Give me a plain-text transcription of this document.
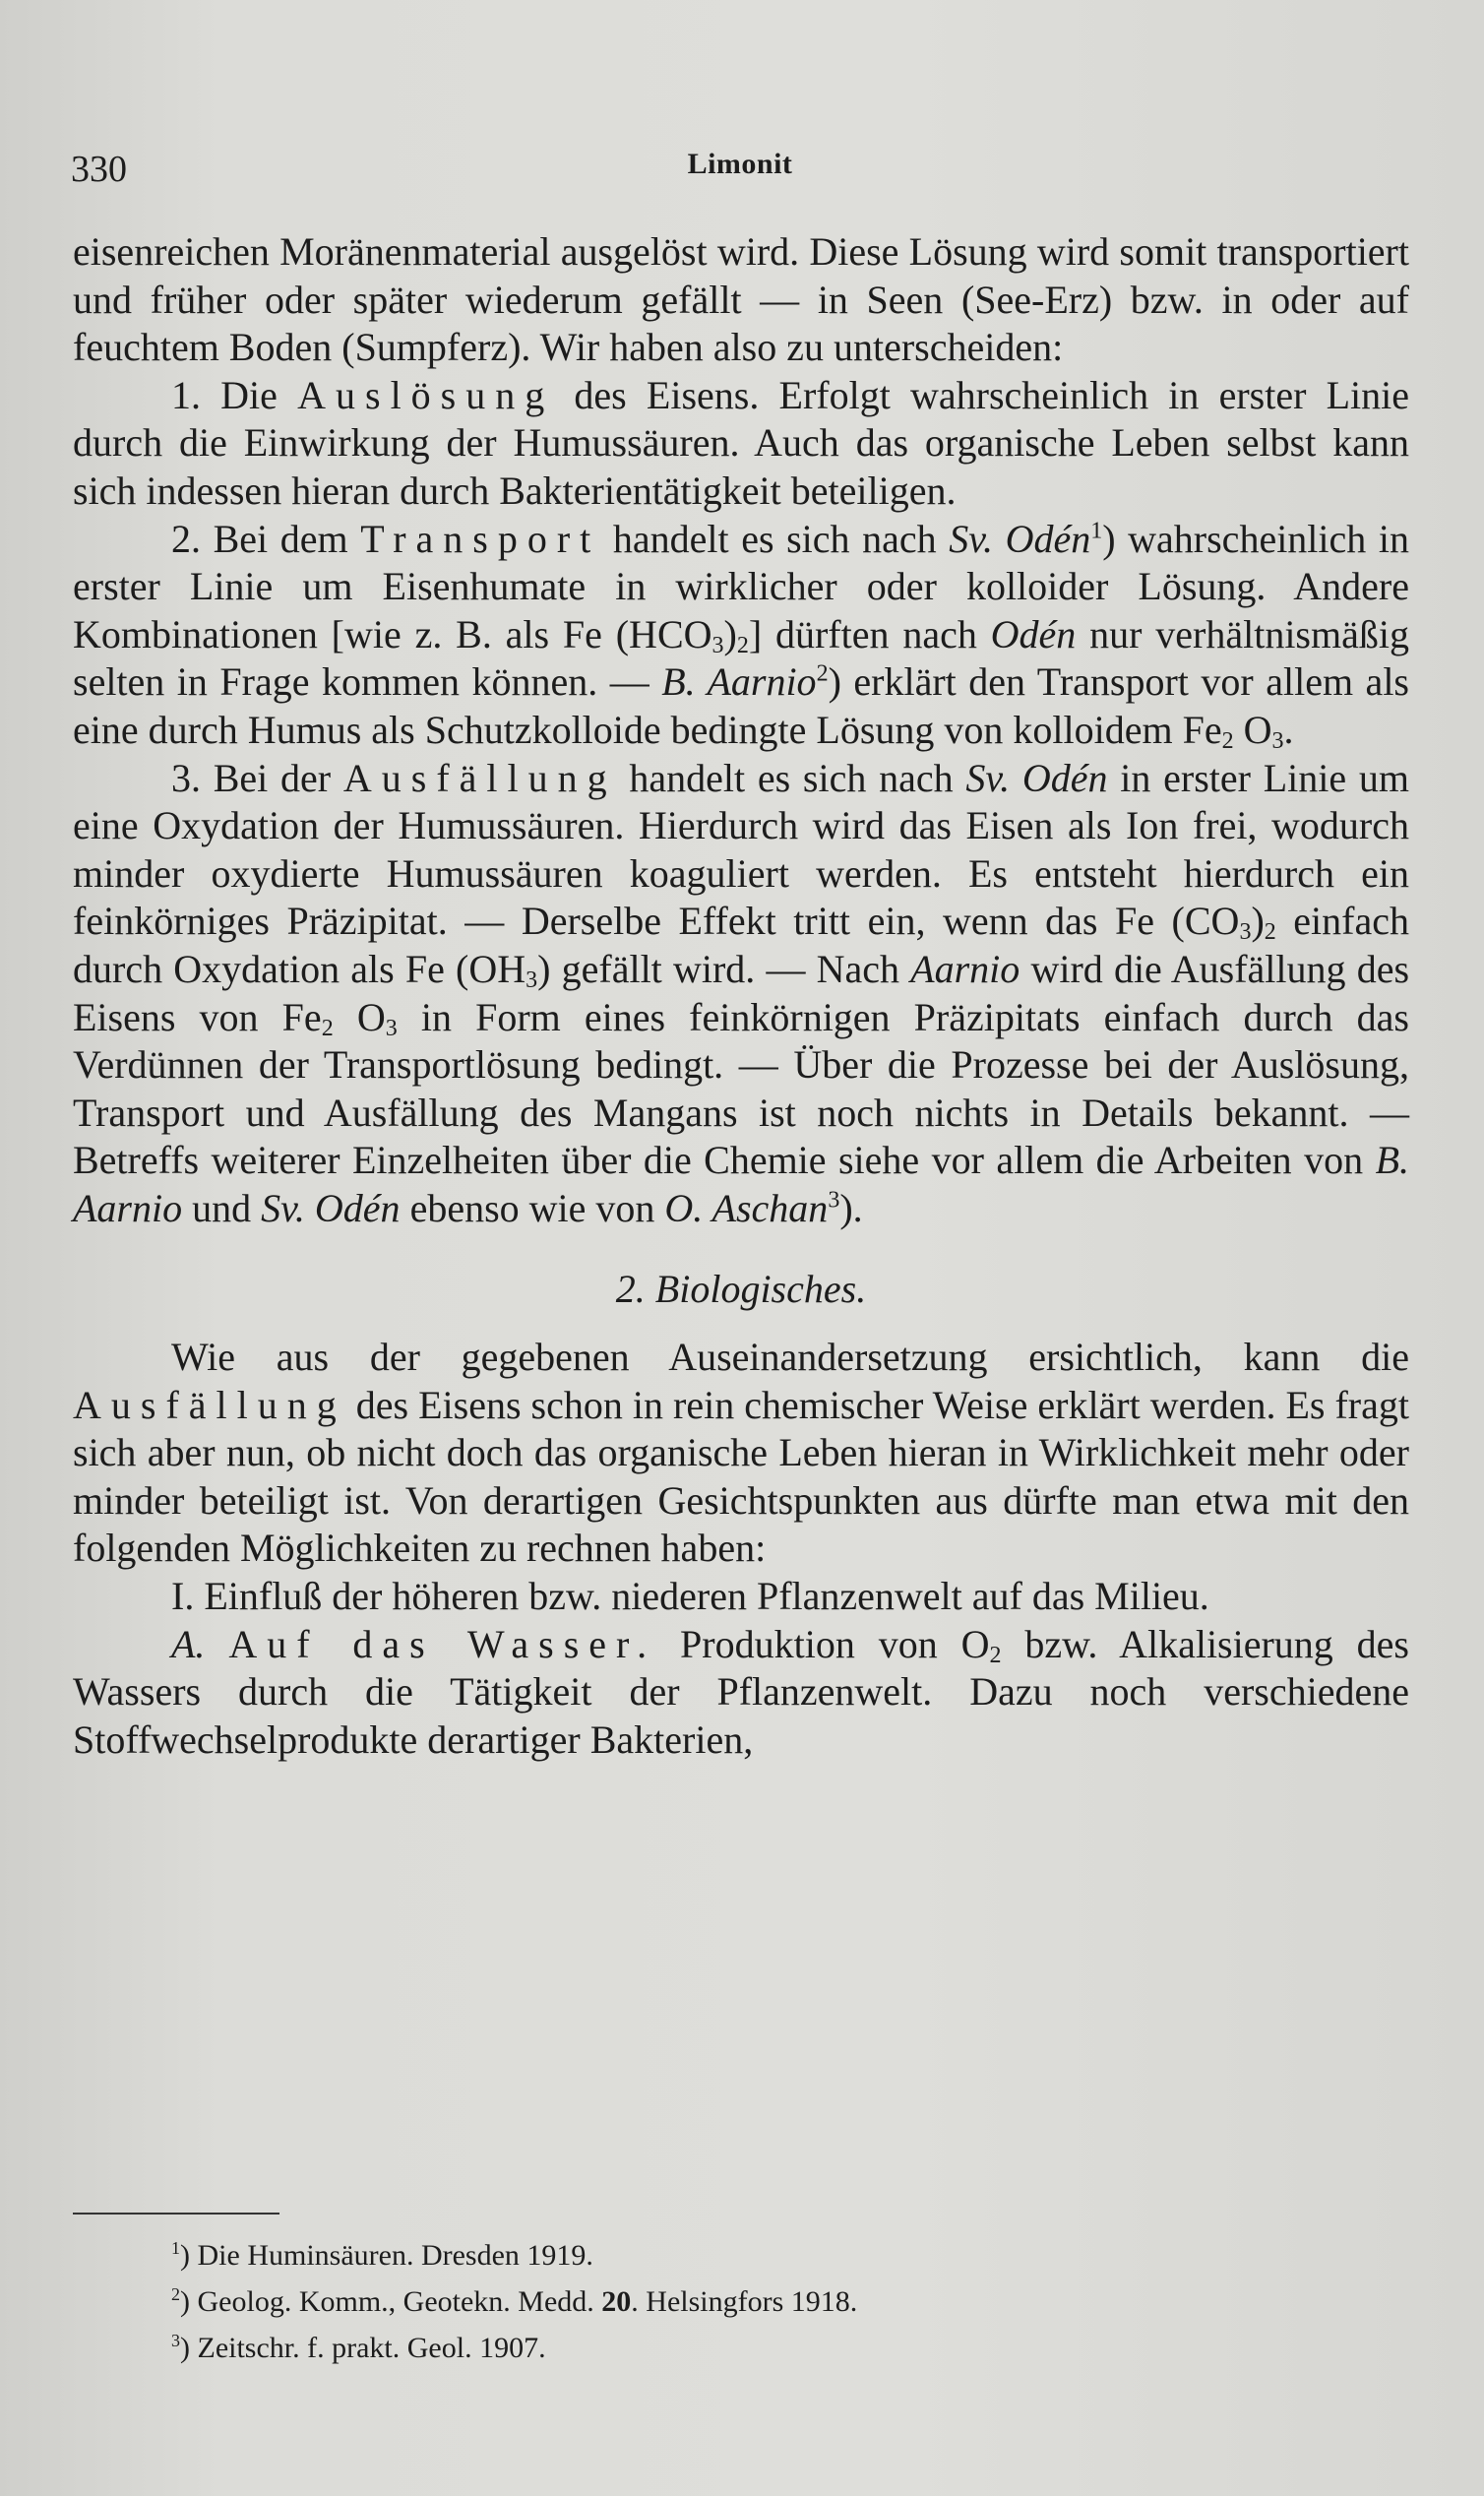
330	Limonit

eisenreichen Moränenmaterial ausgelöst wird. Diese Lösung wird somit transportiert und früher oder später wiederum gefällt — in Seen (See-Erz) bzw. in oder auf feuchtem Boden (Sumpferz). Wir haben also zu unterscheiden:

1. Die Auslösung des Eisens. Erfolgt wahrscheinlich in erster Linie durch die Einwirkung der Humussäuren. Auch das organische Leben selbst kann sich indessen hieran durch Bakterientätigkeit beteiligen.

2. Bei dem Transport handelt es sich nach Sv. Odén$^1$) wahrscheinlich in erster Linie um Eisenhumate in wirklicher oder kolloider Lösung. Andere Kombinationen [wie z. B. als Fe $(HCO_3)_2$] dürften nach Odén nur verhältnismäßig selten in Frage kommen können. — B. Aarnio$^2$) erklärt den Transport vor allem als eine durch Humus als Schutzkolloide bedingte Lösung von kolloidem $Fe_2$ $O_3$.

3. Bei der Ausfällung handelt es sich nach Sv. Odén in erster Linie um eine Oxydation der Humussäuren. Hierdurch wird das Eisen als Ion frei, wodurch minder oxydierte Humussäuren koaguliert werden. Es entsteht hierdurch ein feinkörniges Präzipitat. — Derselbe Effekt tritt ein, wenn das Fe $(CO_3)_2$ einfach durch Oxydation als Fe $(OH_3)$ gefällt wird. — Nach Aarnio wird die Ausfällung des Eisens von $Fe_2$ $O_3$ in Form eines feinkörnigen Präzipitats einfach durch das Verdünnen der Transportlösung bedingt. — Über die Prozesse bei der Auslösung, Transport und Ausfällung des Mangans ist noch nichts in Details bekannt. — Betreffs weiterer Einzelheiten über die Chemie siehe vor allem die Arbeiten von B. Aarnio und Sv. Odén ebenso wie von O. Aschan$^3$).

2. Biologisches.

Wie aus der gegebenen Auseinandersetzung ersichtlich, kann die Ausfällung des Eisens schon in rein chemischer Weise erklärt werden. Es fragt sich aber nun, ob nicht doch das organische Leben hieran in Wirklichkeit mehr oder minder beteiligt ist. Von derartigen Gesichtspunkten aus dürfte man etwa mit den folgenden Möglichkeiten zu rechnen haben:

I. Einfluß der höheren bzw. niederen Pflanzenwelt auf das Milieu.

A. Auf das Wasser. Produktion von $O_2$ bzw. Alkalisierung des Wassers durch die Tätigkeit der Pflanzenwelt. Dazu noch verschiedene Stoffwechselprodukte derartiger Bakterien,

$^1$) Die Huminsäuren. Dresden 1919.
$^2$) Geolog. Komm., Geotekn. Medd. 20. Helsingfors 1918.
$^3$) Zeitschr. f. prakt. Geol. 1907.
